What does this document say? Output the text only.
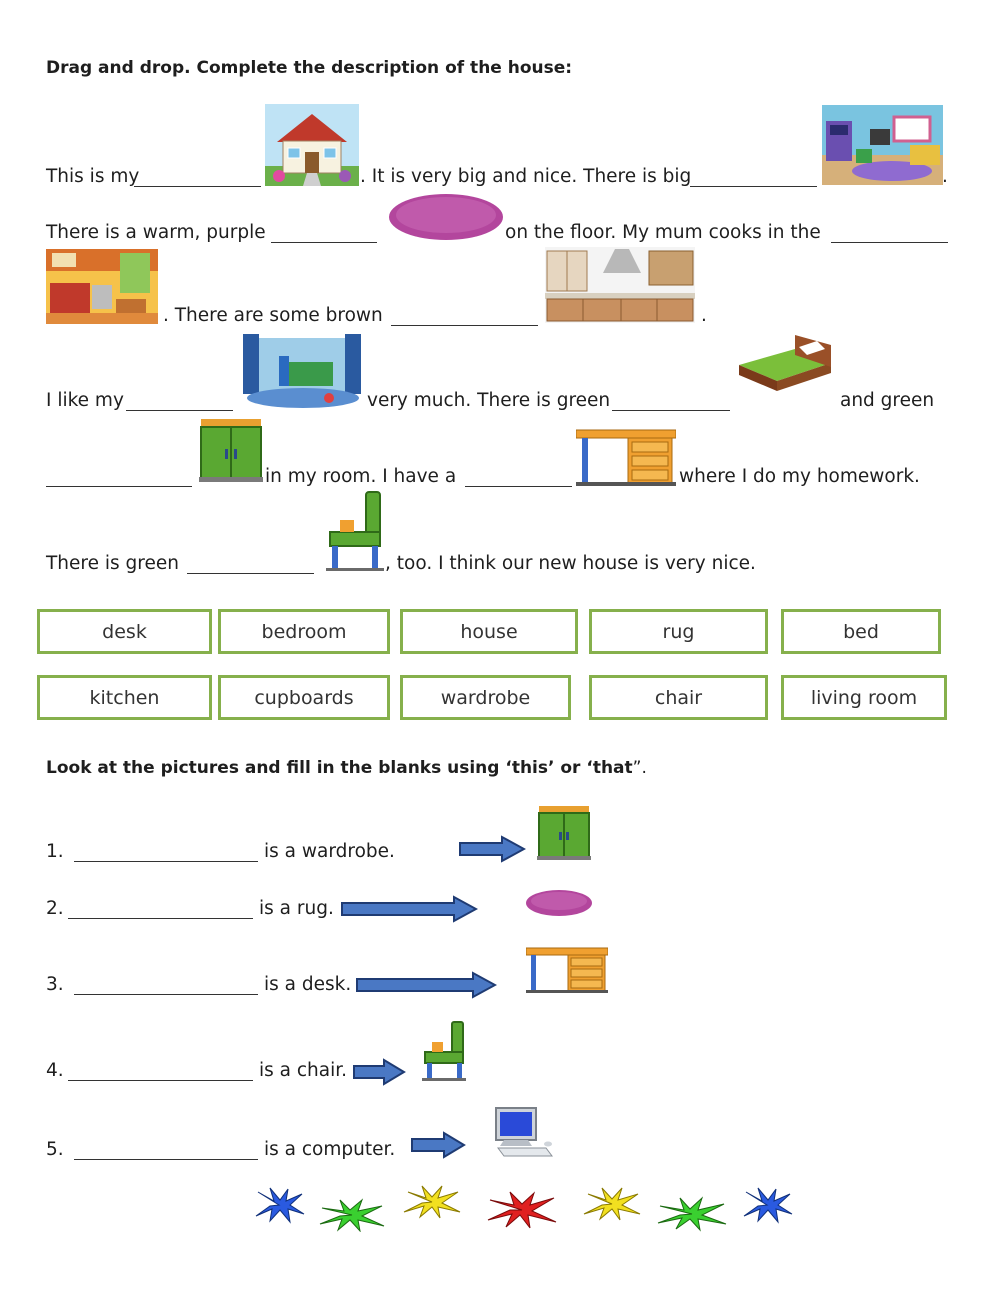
Drag and drop. Complete the description of the house:
This is my	. It is very big and nice. There is big	.
There is a warm, purple	on the floor. My mum cooks in the
. There are some brown	.
I like my	very much. There is green	and green
in my room. I have a	where I do my homework.
There is green	, too. I think our new house is very nice.
desk	bedroom	house	rug	bed
kitchen	cupboards	wardrobe	chair	living room
Look at the pictures and fill in the blanks using ‘this’ or ‘that”.
1.	is a wardrobe.
2.	is a rug.
3.	is a desk.
4.	is a chair.
5.	is a computer.
